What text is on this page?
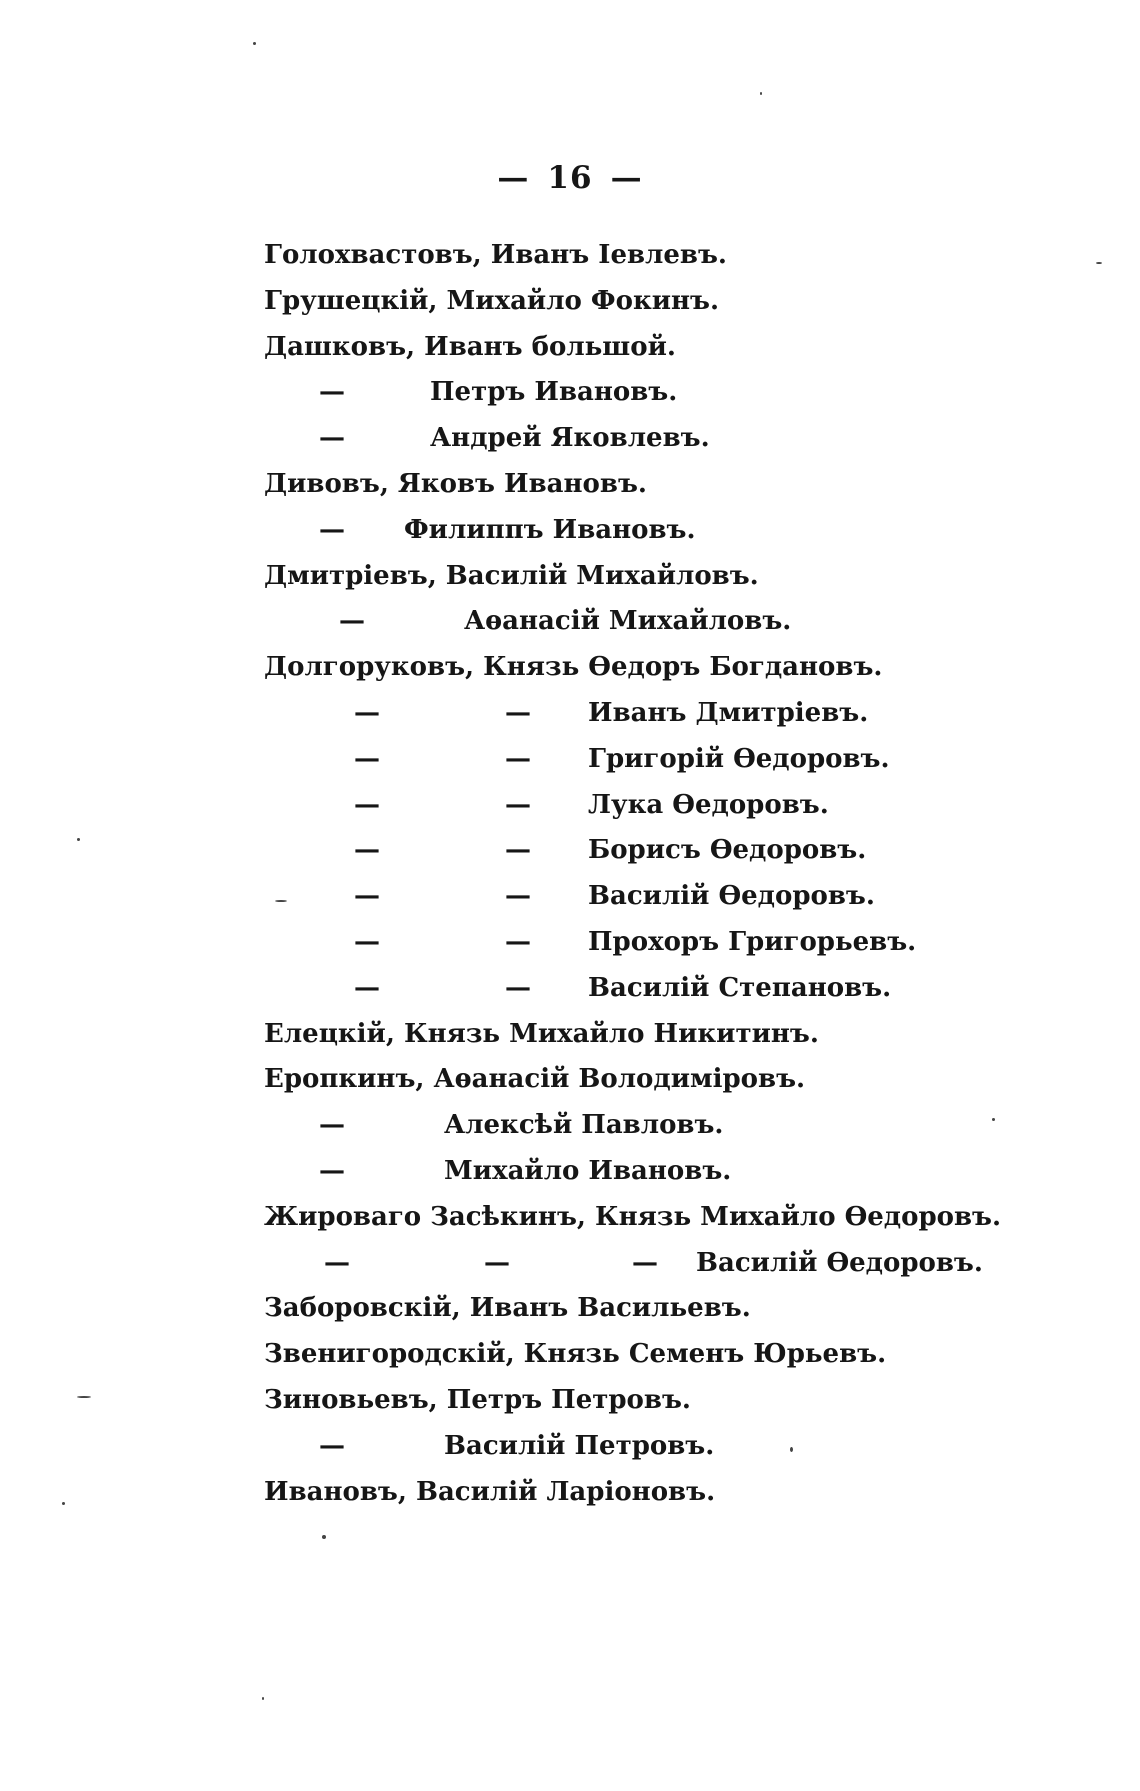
— 16 —
Голохвастовъ, Иванъ Іевлевъ.
Грушецкій, Михайло Фокинъ.
Дашковъ, Иванъ большой.
—	Петръ Ивановъ.
—	Андрей Яковлевъ.
Дивовъ, Яковъ Ивановъ.
— Филиппъ Ивановъ.
Дмитріевъ, Василій Михайловъ.
—	Аѳанасій Михайловъ.
Долгоруковъ, Князь Ѳедоръ Богдановъ.
—	— Иванъ Дмитріевъ.
—	— Григорій Ѳедоровъ.
—	— Лука Ѳедоровъ.
—	— Борисъ Ѳедоровъ.
—	— Василій Ѳедоровъ.
—	— Прохоръ Григорьевъ.
—	— Василій Степановъ.
Елецкій, Князь Михайло Никитинъ.
Еропкинъ, Аѳанасій Володиміровъ.
—	Алексѣй Павловъ.
—	Михайло Ивановъ.
Жироваго Засѣкинъ, Князь Михайло Ѳедоровъ.
—	—	— Василій Ѳедоровъ.
Заборовскій, Иванъ Васильевъ.
Звенигородскій, Князь Семенъ Юрьевъ.
Зиновьевъ, Петръ Петровъ.
—	Василій Петровъ.
Ивановъ, Василій Ларіоновъ.
